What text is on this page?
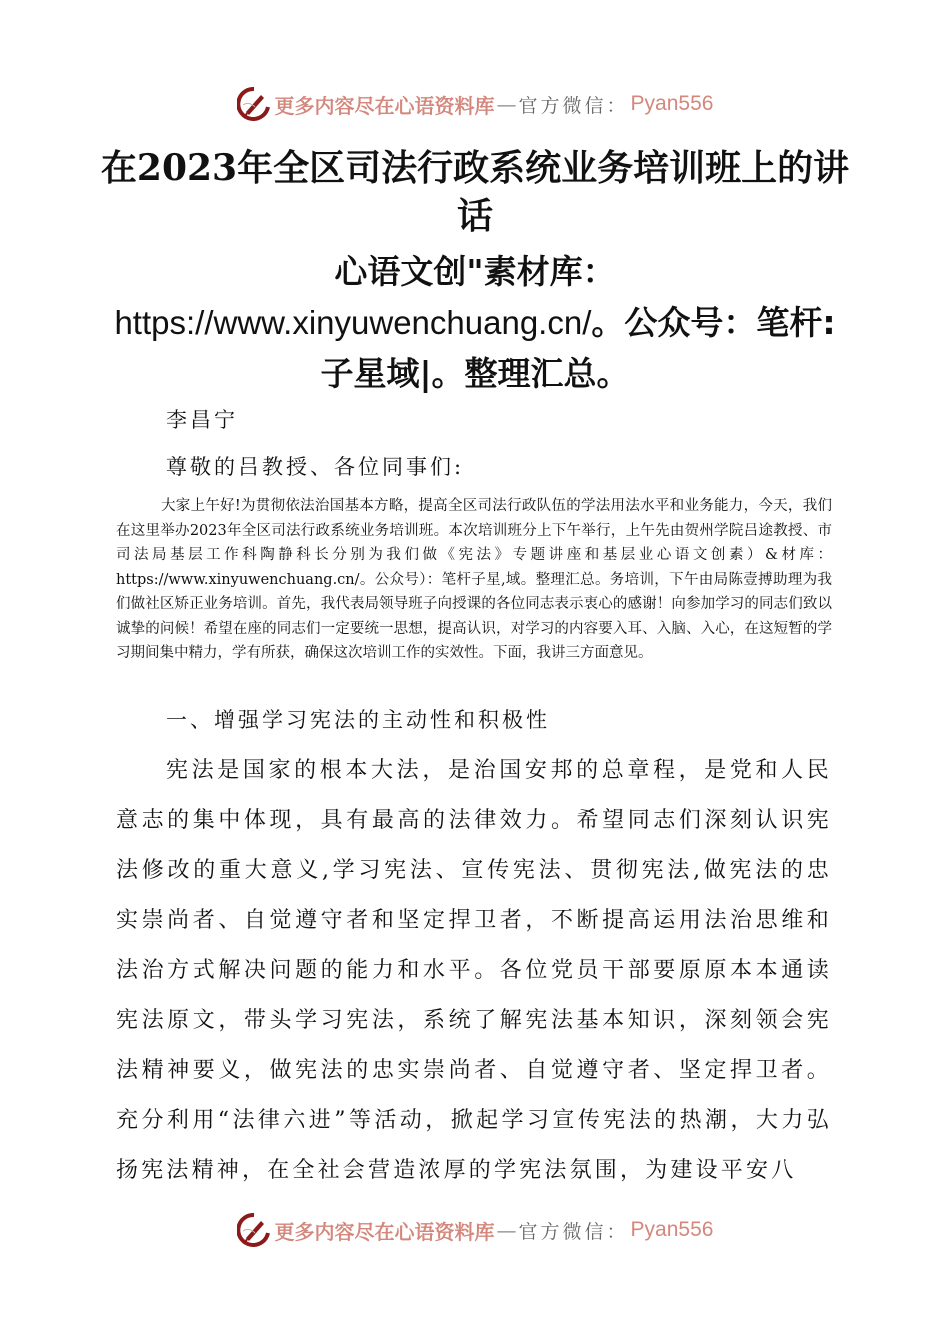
更多内容尽在心语资料库 — 官方微信： Pyan556
在2023年全区司法行政系统业务培训班上的讲话
心语文创"素材库：https://www.xinyuwenchuang.cn/。公众号：笔杆:子星域|。整理汇总。
李昌宁
尊敬的吕教授、各位同事们:
大家上午好!为贯彻依法治国基本方略，提高全区司法行政队伍的学法用法水平和业务能力，今天，我们在这里举办2023年全区司法行政系统业务培训班。本次培训班分上下午举行，上午先由贺州学院吕途教授、市司法局基层工作科陶静科长分别为我们做《宪法》专题讲座和基层业心语文创素）&材库：https://www.xinyuwenchuang.cn/。公众号）：笔杆子星,域。整理汇总。务培训，下午由局陈壹搏助理为我们做社区矫正业务培训。首先，我代表局领导班子向授课的各位同志表示衷心的感谢！向参加学习的同志们致以诚挚的问候！希望在座的同志们一定要统一思想，提高认识，对学习的内容要入耳、入脑、入心，在这短暂的学习期间集中精力，学有所获，确保这次培训工作的实效性。下面，我讲三方面意见。
一、增强学习宪法的主动性和积极性
宪法是国家的根本大法，是治国安邦的总章程，是党和人民意志的集中体现，具有最高的法律效力。希望同志们深刻认识宪法修改的重大意义,学习宪法、宣传宪法、贯彻宪法,做宪法的忠实崇尚者、自觉遵守者和坚定捍卫者，不断提高运用法治思维和法治方式解决问题的能力和水平。各位党员干部要原原本本通读宪法原文，带头学习宪法，系统了解宪法基本知识，深刻领会宪法精神要义，做宪法的忠实崇尚者、自觉遵守者、坚定捍卫者。充分利用“法律六进”等活动，掀起学习宣传宪法的热潮，大力弘扬宪法精神，在全社会营造浓厚的学宪法氛围，为建设平安八
更多内容尽在心语资料库 — 官方微信： Pyan556
